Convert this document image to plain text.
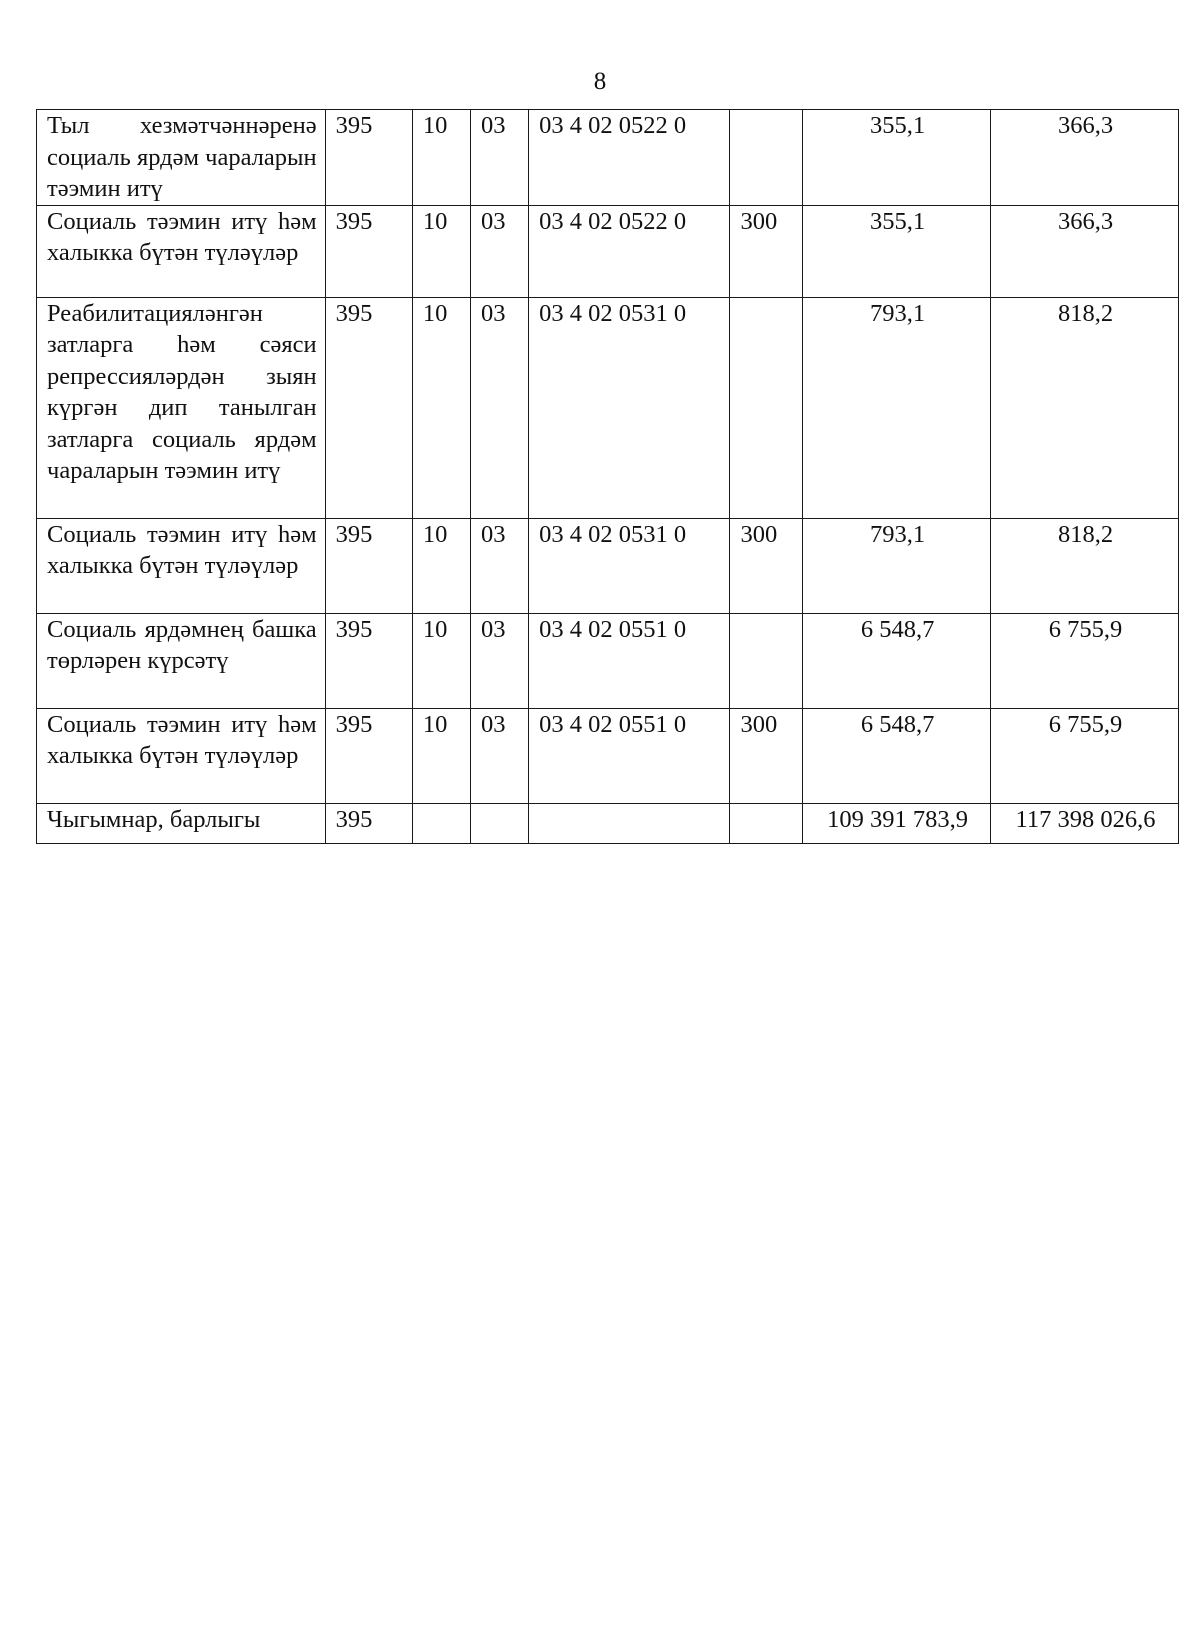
8
Тыл хезмәтчәннәренә социаль ярдәм чараларын тәэмин итү	395	10	03	03 4 02 0522 0		355,1	366,3
Социаль тәэмин итү һәм халыкка бүтән түләүләр	395	10	03	03 4 02 0522 0	300	355,1	366,3
Реабилитацияләнгән затларга һәм сәяси репрессияләрдән зыян күргән дип танылган затларга социаль ярдәм чараларын тәэмин итү	395	10	03	03 4 02 0531 0		793,1	818,2
Социаль тәэмин итү һәм халыкка бүтән түләүләр	395	10	03	03 4 02 0531 0	300	793,1	818,2
Социаль ярдәмнең башка төрләрен күрсәтү	395	10	03	03 4 02 0551 0		6 548,7	6 755,9
Социаль тәэмин итү һәм халыкка бүтән түләүләр	395	10	03	03 4 02 0551 0	300	6 548,7	6 755,9
Чыгымнар, барлыгы	395					109 391 783,9	117 398 026,6
